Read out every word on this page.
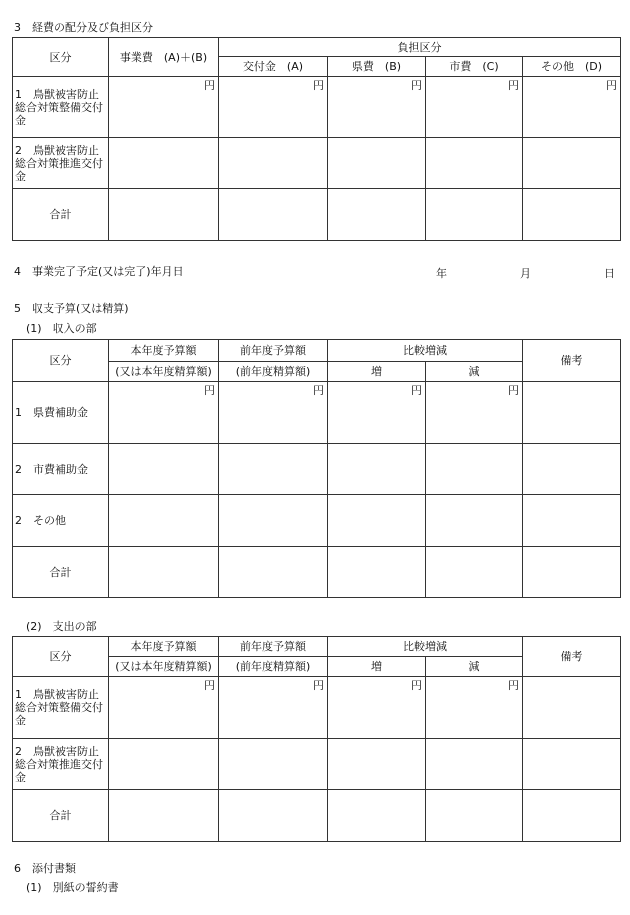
3　経費の配分及び負担区分
区分	事業費　(A)＋(B)	負担区分			
		交付金　(A)	県費　(B)	市費　(C)	その他　(D)
1　鳥獣被害防止総合対策整備交付金	円	円	円	円	円
2　鳥獣被害防止総合対策推進交付金					
合計					
4　事業完了予定(又は完了)年月日	年	月	日
5　収支予算(又は精算)
(1)　収入の部
区分	本年度予算額	前年度予算額	比較増減		備考
	(又は本年度精算額)	(前年度精算額)	増	減	
1　県費補助金	円	円	円	円	
2　市費補助金					
2　その他					
合計					
(2)　支出の部
区分	本年度予算額	前年度予算額	比較増減		備考
	(又は本年度精算額)	(前年度精算額)	増	減	
1　鳥獣被害防止総合対策整備交付金	円	円	円	円	
2　鳥獣被害防止総合対策推進交付金					
合計					
6　添付書類
(1)　別紙の誓約書
